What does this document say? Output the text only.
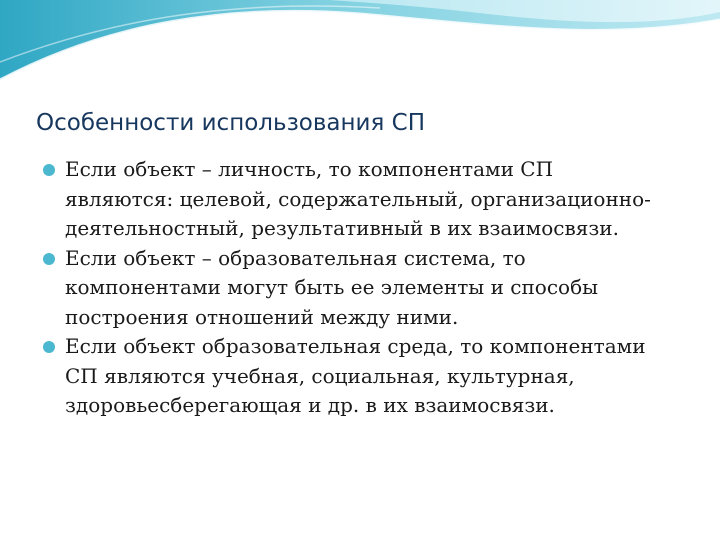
Особенности использования СП
Если объект – личность, то компонентами СП
являются: целевой, содержательный, организационно-
деятельностный, результативный в их взаимосвязи.
Если объект – образовательная система, то
компонентами могут быть ее элементы и способы
построения отношений между ними.
Если объект образовательная среда, то компонентами
СП являются учебная, социальная, культурная,
здоровьесберегающая и др. в их взаимосвязи.
